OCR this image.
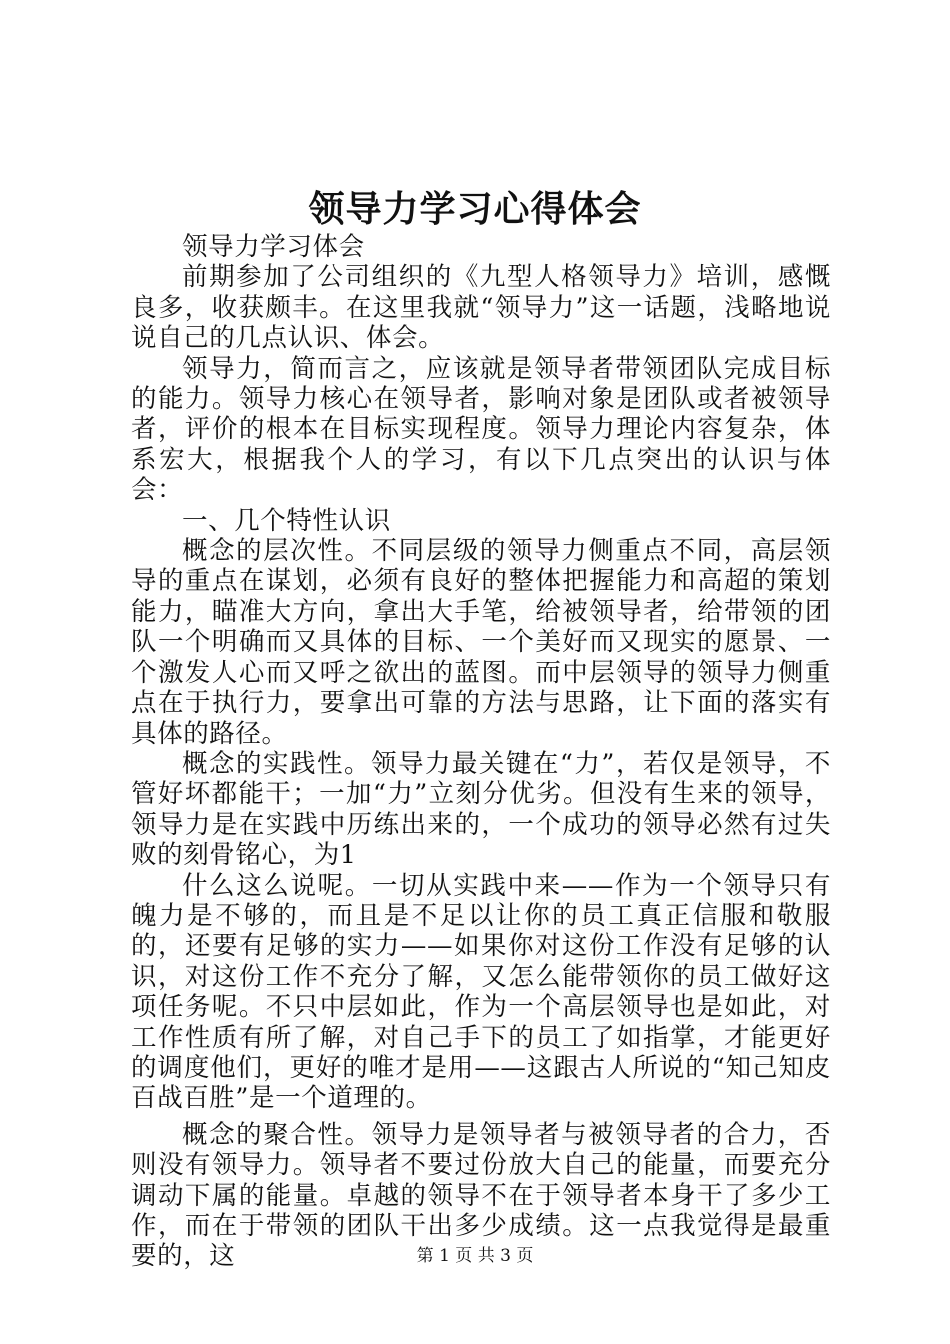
领导力学习心得体会

领导力学习体会

前期参加了公司组织的《九型人格领导力》培训，感慨良多，收获颇丰。在这里我就“领导力”这一话题，浅略地说说自己的几点认识、体会。

领导力，简而言之，应该就是领导者带领团队完成目标的能力。领导力核心在领导者，影响对象是团队或者被领导者，评价的根本在目标实现程度。领导力理论内容复杂，体系宏大，根据我个人的学习，有以下几点突出的认识与体会：

一、几个特性认识

概念的层次性。不同层级的领导力侧重点不同，高层领导的重点在谋划，必须有良好的整体把握能力和高超的策划能力，瞄准大方向，拿出大手笔，给被领导者，给带领的团队一个明确而又具体的目标、一个美好而又现实的愿景、一个激发人心而又呼之欲出的蓝图。而中层领导的领导力侧重点在于执行力，要拿出可靠的方法与思路，让下面的落实有具体的路径。

概念的实践性。领导力最关键在“力”，若仅是领导，不管好坏都能干；一加“力”立刻分优劣。但没有生来的领导，领导力是在实践中历练出来的，一个成功的领导必然有过失败的刻骨铭心，为1

什么这么说呢。一切从实践中来——作为一个领导只有魄力是不够的，而且是不足以让你的员工真正信服和敬服的，还要有足够的实力——如果你对这份工作没有足够的认识，对这份工作不充分了解，又怎么能带领你的员工做好这项任务呢。不只中层如此，作为一个高层领导也是如此，对工作性质有所了解，对自己手下的员工了如指掌，才能更好的调度他们，更好的唯才是用——这跟古人所说的“知己知皮百战百胜”是一个道理的。

概念的聚合性。领导力是领导者与被领导者的合力，否则没有领导力。领导者不要过份放大自己的能量，而要充分调动下属的能量。卓越的领导不在于领导者本身干了多少工作，而在于带领的团队干出多少成绩。这一点我觉得是最重要的，这	第 1 页 共 3 页
